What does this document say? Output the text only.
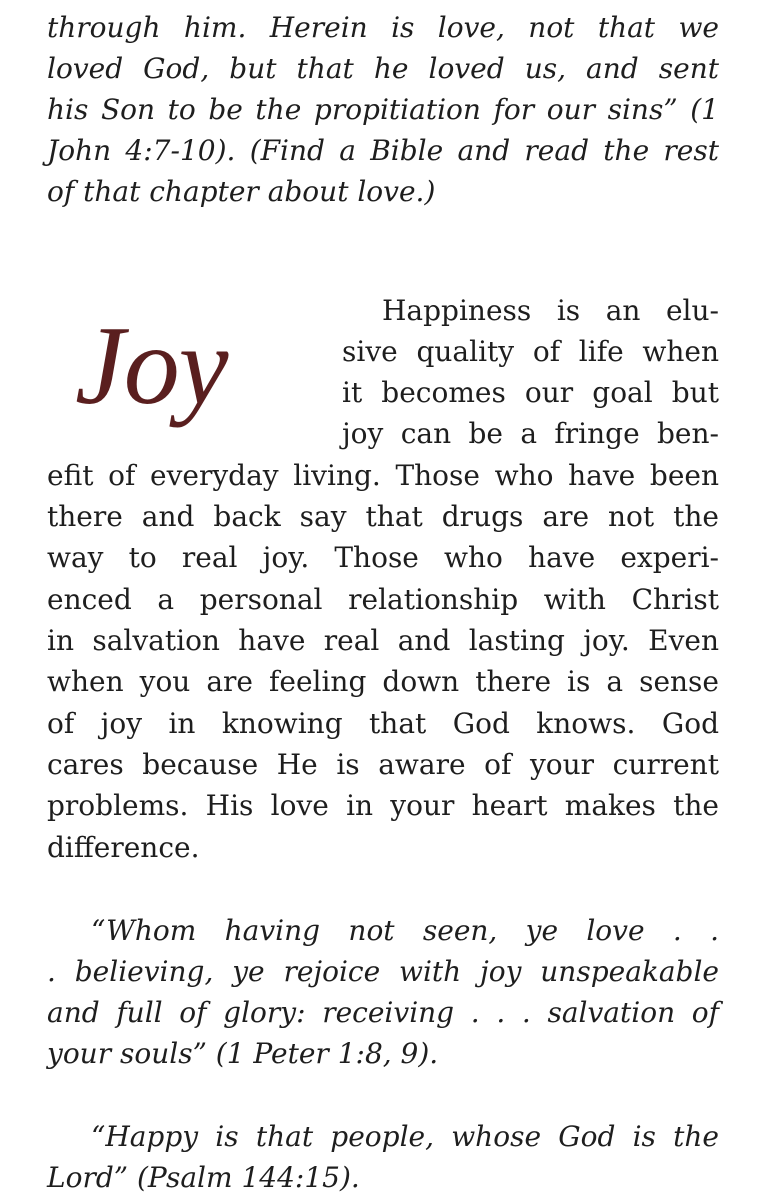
through him. Herein is love, not that we
loved God, but that he loved us, and sent
his Son to be the propitiation for our sins” (1
John 4:7-10). (Find a Bible and read the rest
of that chapter about love.)
Joy	Happiness is an elu-
sive quality of life when
it becomes our goal but
joy can be a fringe ben-
efit of everyday living. Those who have been
there and back say that drugs are not the
way to real joy. Those who have experi-
enced a personal relationship with Christ
in salvation have real and lasting joy. Even
when you are feeling down there is a sense
of joy in knowing that God knows. God
cares because He is aware of your current
problems. His love in your heart makes the
difference.
“Whom having not seen, ye love . .
. believing, ye rejoice with joy unspeakable
and full of glory: receiving . . . salvation of
your souls” (1 Peter 1:8, 9).
“Happy is that people, whose God is the
Lord” (Psalm 144:15).
